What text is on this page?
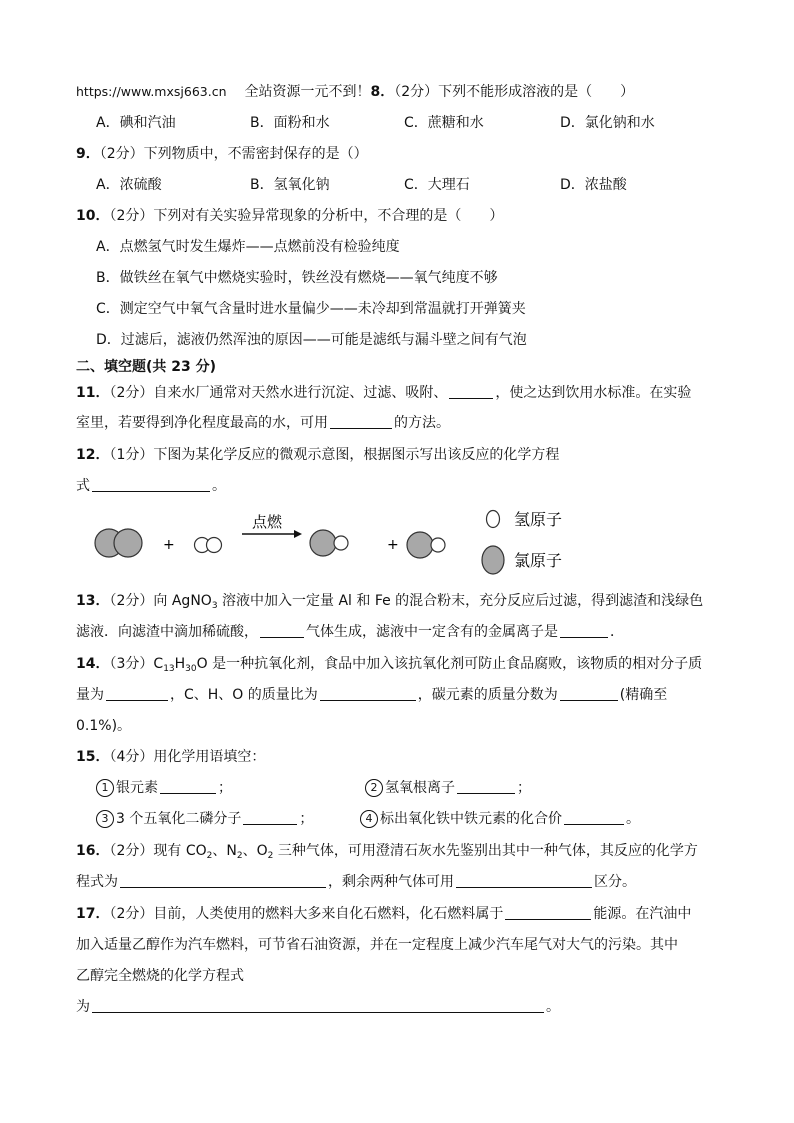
https://www.mxsj663.cn 全站资源一元不到！8．（2分）下列不能形成溶液的是（　　）
A．碘和汽油	B．面粉和水	C．蔗糖和水	D．氯化钠和水
9．（2分）下列物质中，不需密封保存的是（）
A．浓硫酸	B．氢氧化钠	C．大理石	D．浓盐酸
10．（2分）下列对有关实验异常现象的分析中，不合理的是（　　）
A．点燃氢气时发生爆炸——点燃前没有检验纯度
B．做铁丝在氧气中燃烧实验时，铁丝没有燃烧——氧气纯度不够
C．测定空气中氧气含量时进水量偏少——未冷却到常温就打开弹簧夹
D．过滤后，滤液仍然浑浊的原因——可能是滤纸与漏斗壁之间有气泡
二、填空题(共 23 分)
11．（2分）自来水厂通常对天然水进行沉淀、过滤、吸附、	，使之达到饮用水标准。在实验
室里，若要得到净化程度最高的水，可用	的方法。
12．（1分）下图为某化学反应的微观示意图，根据图示写出该反应的化学方程
式	。
+
点燃
+
氢原子
氯原子
13．（2分）向 AgNO$_3$ 溶液中加入一定量 Al 和 Fe 的混合粉末，充分反应后过滤，得到滤渣和浅绿色
滤液．向滤渣中滴加稀硫酸，	气体生成，滤液中一定含有的金属离子是	．
14．（3分）$C_{13}H_{30}O$ 是一种抗氧化剂，食品中加入该抗氧化剂可防止食品腐败，该物质的相对分子质
量为	，C、H、O 的质量比为	，碳元素的质量分数为	(精确至
0.1%)。
15．（4分）用化学用语填空：
1 银元素	；	2 氢氧根离子	；
3 3 个五氧化二磷分子	；	4 标出氧化铁中铁元素的化合价	。
16．（2分）现有 $CO_2$、$N_2$、$O_2$ 三种气体，可用澄清石灰水先鉴别出其中一种气体，其反应的化学方
程式为	，剩余两种气体可用	区分。
17．（2分）目前，人类使用的燃料大多来自化石燃料，化石燃料属于	能源。在汽油中
加入适量乙醇作为汽车燃料，可节省石油资源，并在一定程度上减少汽车尾气对大气的污染。其中
乙醇完全燃烧的化学方程式
为	。
